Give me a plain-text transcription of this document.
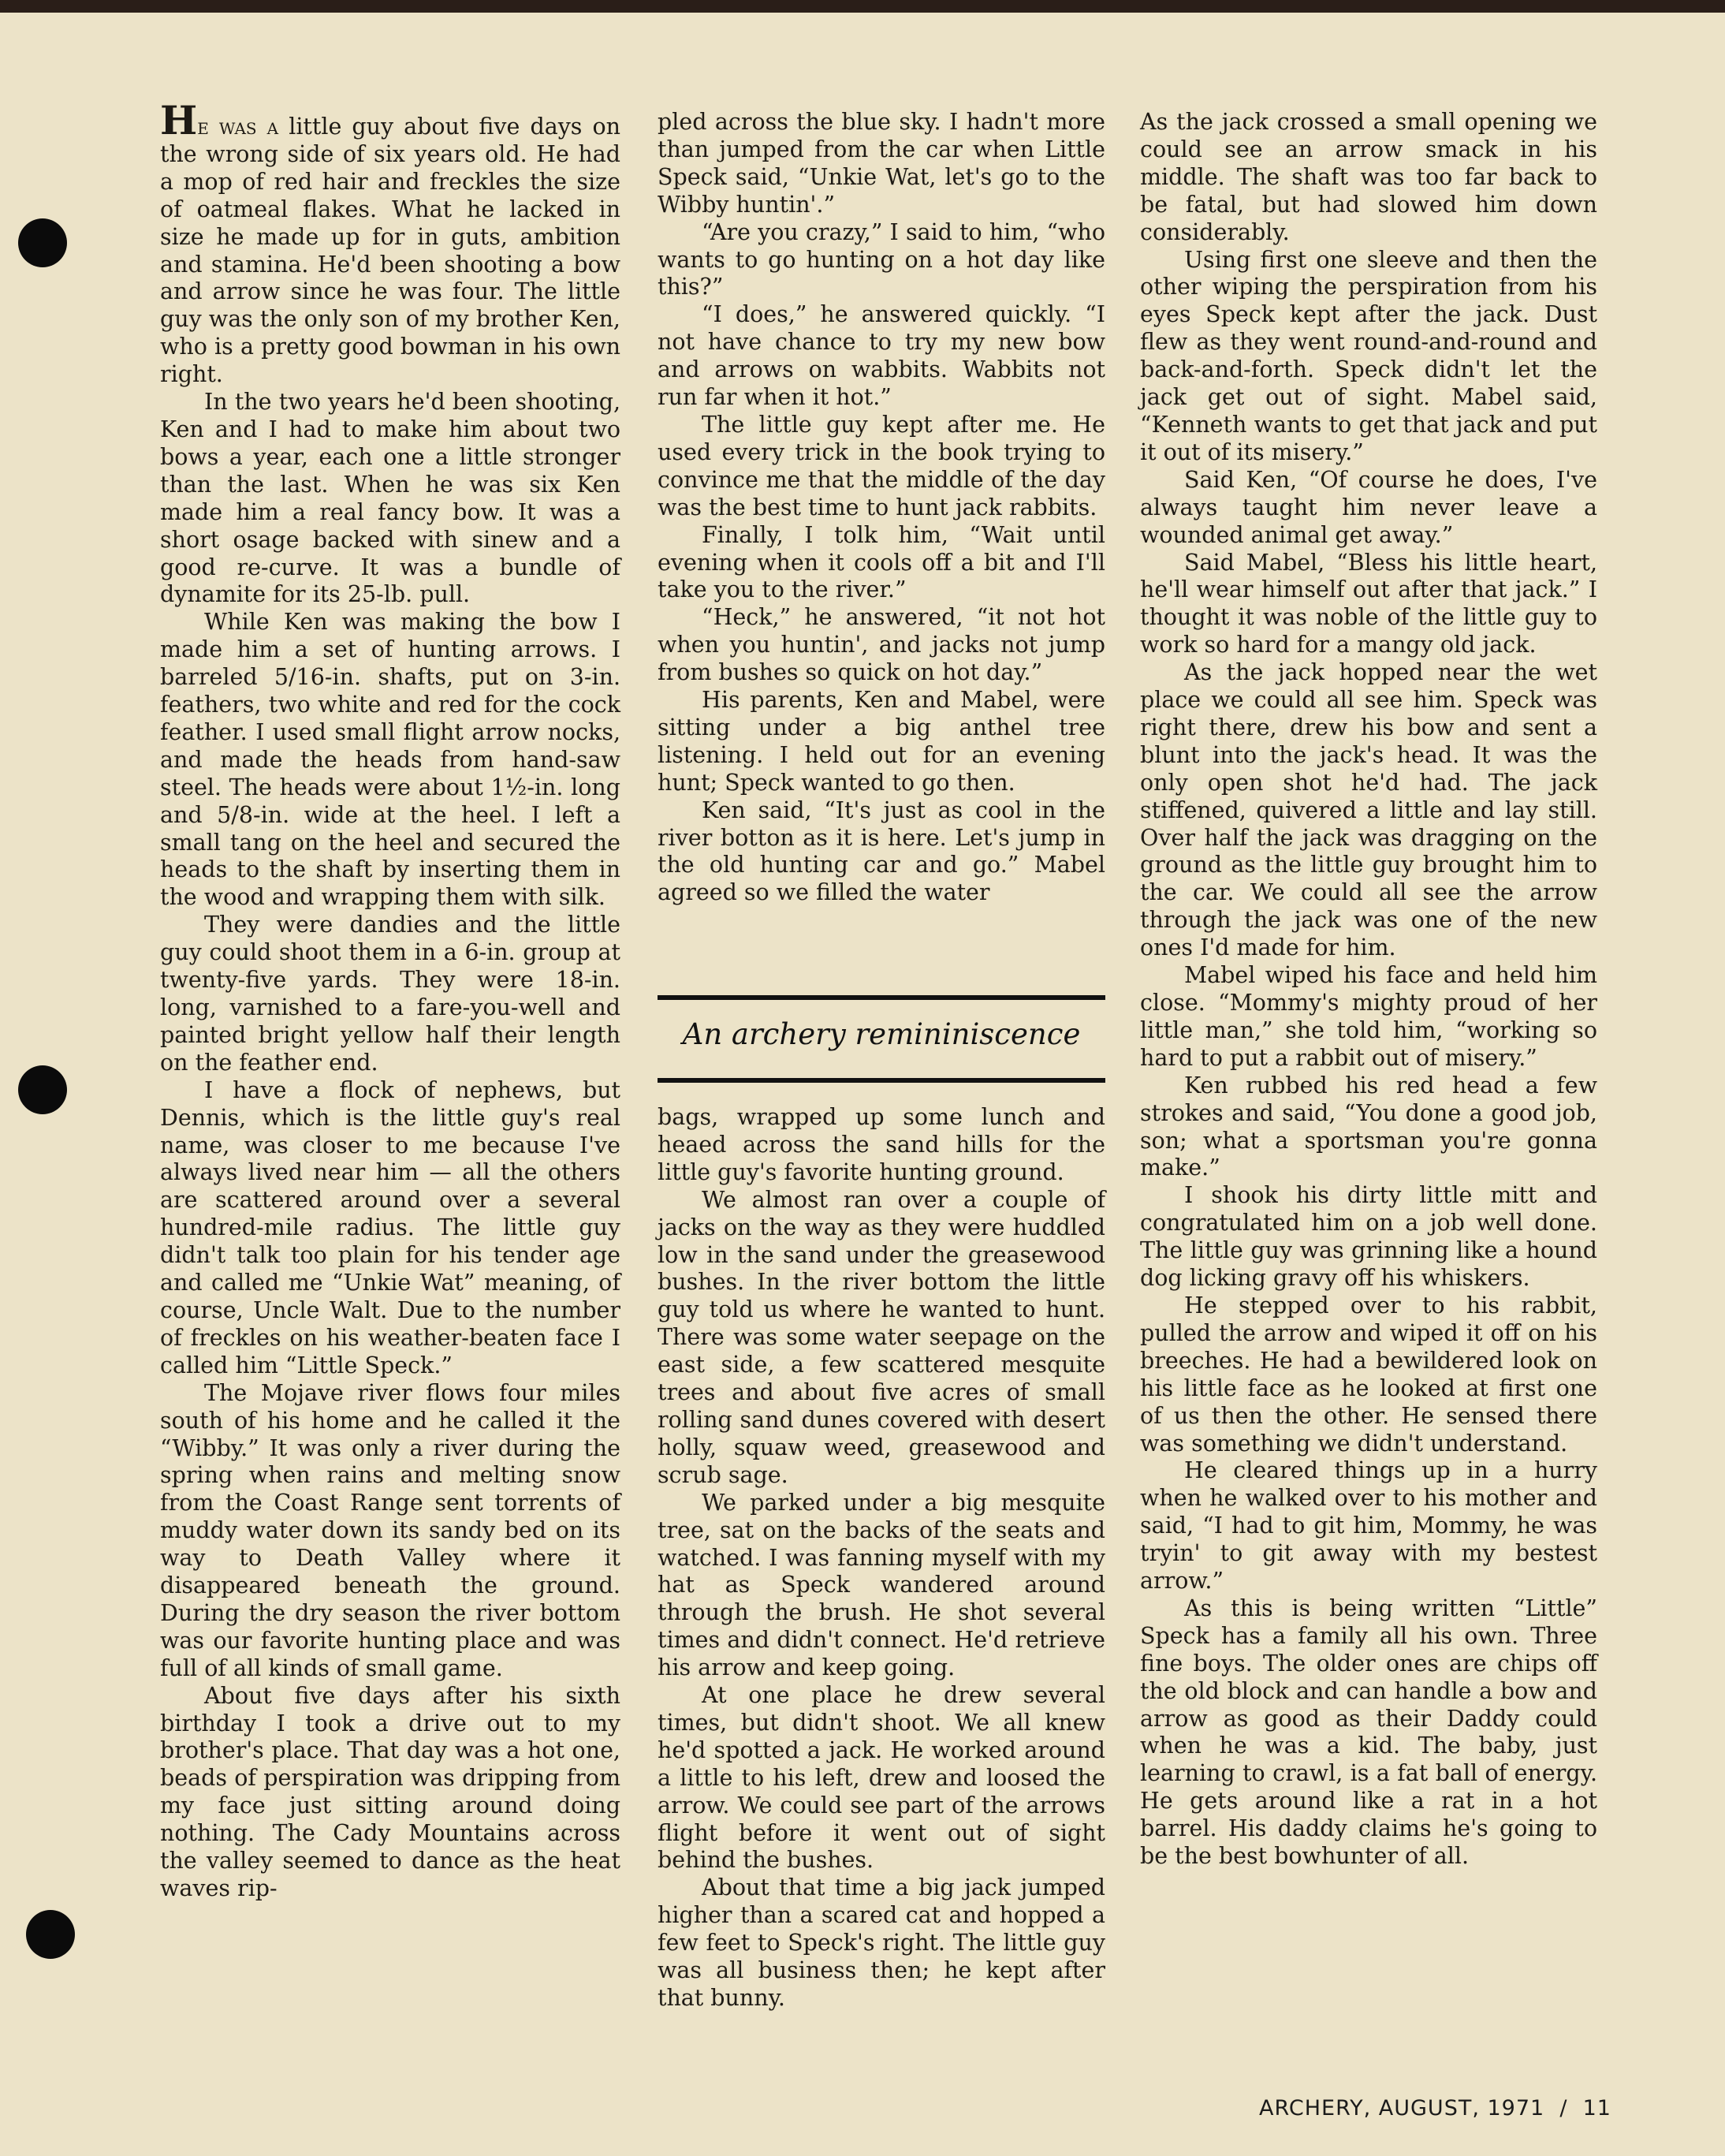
He was a little guy about five days on the wrong side of six years old. He had a mop of red hair and freckles the size of oatmeal flakes. What he lacked in size he made up for in guts, ambition and stamina. He'd been shooting a bow and arrow since he was four. The little guy was the only son of my brother Ken, who is a pretty good bowman in his own right.

In the two years he'd been shooting, Ken and I had to make him about two bows a year, each one a little stronger than the last. When he was six Ken made him a real fancy bow. It was a short osage backed with sinew and a good re-curve. It was a bundle of dynamite for its 25-lb. pull.

While Ken was making the bow I made him a set of hunting arrows. I barreled 5/16-in. shafts, put on 3-in. feathers, two white and red for the cock feather. I used small flight arrow nocks, and made the heads from hand-saw steel. The heads were about 1½-in. long and 5/8-in. wide at the heel. I left a small tang on the heel and secured the heads to the shaft by inserting them in the wood and wrapping them with silk.

They were dandies and the little guy could shoot them in a 6-in. group at twenty-five yards. They were 18-in. long, varnished to a fare-you-well and painted bright yellow half their length on the feather end.

I have a flock of nephews, but Dennis, which is the little guy's real name, was closer to me because I've always lived near him — all the others are scattered around over a several hundred-mile radius. The little guy didn't talk too plain for his tender age and called me “Unkie Wat” meaning, of course, Uncle Walt. Due to the number of freckles on his weather-beaten face I called him “Little Speck.”

The Mojave river flows four miles south of his home and he called it the “Wibby.” It was only a river during the spring when rains and melting snow from the Coast Range sent torrents of muddy water down its sandy bed on its way to Death Valley where it disappeared beneath the ground. During the dry season the river bottom was our favorite hunting place and was full of all kinds of small game.

About five days after his sixth birthday I took a drive out to my brother's place. That day was a hot one, beads of perspiration was dripping from my face just sitting around doing nothing. The Cady Mountains across the valley seemed to dance as the heat waves rip-

pled across the blue sky. I hadn't more than jumped from the car when Little Speck said, “Unkie Wat, let's go to the Wibby huntin'.”

“Are you crazy,” I said to him, “who wants to go hunting on a hot day like this?”

“I does,” he answered quickly. “I not have chance to try my new bow and arrows on wabbits. Wabbits not run far when it hot.”

The little guy kept after me. He used every trick in the book trying to convince me that the middle of the day was the best time to hunt jack rabbits.

Finally, I tolk him, “Wait until evening when it cools off a bit and I'll take you to the river.”

“Heck,” he answered, “it not hot when you huntin', and jacks not jump from bushes so quick on hot day.”

His parents, Ken and Mabel, were sitting under a big anthel tree listening. I held out for an evening hunt; Speck wanted to go then.

Ken said, “It's just as cool in the river botton as it is here. Let's jump in the old hunting car and go.” Mabel agreed so we filled the water

An archery remininiscence

bags, wrapped up some lunch and heaed across the sand hills for the little guy's favorite hunting ground.

We almost ran over a couple of jacks on the way as they were huddled low in the sand under the greasewood bushes. In the river bottom the little guy told us where he wanted to hunt. There was some water seepage on the east side, a few scattered mesquite trees and about five acres of small rolling sand dunes covered with desert holly, squaw weed, greasewood and scrub sage.

We parked under a big mesquite tree, sat on the backs of the seats and watched. I was fanning myself with my hat as Speck wandered around through the brush. He shot several times and didn't connect. He'd retrieve his arrow and keep going.

At one place he drew several times, but didn't shoot. We all knew he'd spotted a jack. He worked around a little to his left, drew and loosed the arrow. We could see part of the arrows flight before it went out of sight behind the bushes.

About that time a big jack jumped higher than a scared cat and hopped a few feet to Speck's right. The little guy was all business then; he kept after that bunny.

As the jack crossed a small opening we could see an arrow smack in his middle. The shaft was too far back to be fatal, but had slowed him down considerably.

Using first one sleeve and then the other wiping the perspiration from his eyes Speck kept after the jack. Dust flew as they went round-and-round and back-and-forth. Speck didn't let the jack get out of sight. Mabel said, “Kenneth wants to get that jack and put it out of its misery.”

Said Ken, “Of course he does, I've always taught him never leave a wounded animal get away.”

Said Mabel, “Bless his little heart, he'll wear himself out after that jack.” I thought it was noble of the little guy to work so hard for a mangy old jack.

As the jack hopped near the wet place we could all see him. Speck was right there, drew his bow and sent a blunt into the jack's head. It was the only open shot he'd had. The jack stiffened, quivered a little and lay still. Over half the jack was dragging on the ground as the little guy brought him to the car. We could all see the arrow through the jack was one of the new ones I'd made for him.

Mabel wiped his face and held him close. “Mommy's mighty proud of her little man,” she told him, “working so hard to put a rabbit out of misery.”

Ken rubbed his red head a few strokes and said, “You done a good job, son; what a sportsman you're gonna make.”

I shook his dirty little mitt and congratulated him on a job well done. The little guy was grinning like a hound dog licking gravy off his whiskers.

He stepped over to his rabbit, pulled the arrow and wiped it off on his breeches. He had a bewildered look on his little face as he looked at first one of us then the other. He sensed there was something we didn't understand.

He cleared things up in a hurry when he walked over to his mother and said, “I had to git him, Mommy, he was tryin' to git away with my bestest arrow.”

As this is being written “Little” Speck has a family all his own. Three fine boys. The older ones are chips off the old block and can handle a bow and arrow as good as their Daddy could when he was a kid. The baby, just learning to crawl, is a fat ball of energy. He gets around like a rat in a hot barrel. His daddy claims he's going to be the best bowhunter of all.

ARCHERY, AUGUST, 1971  /  11
